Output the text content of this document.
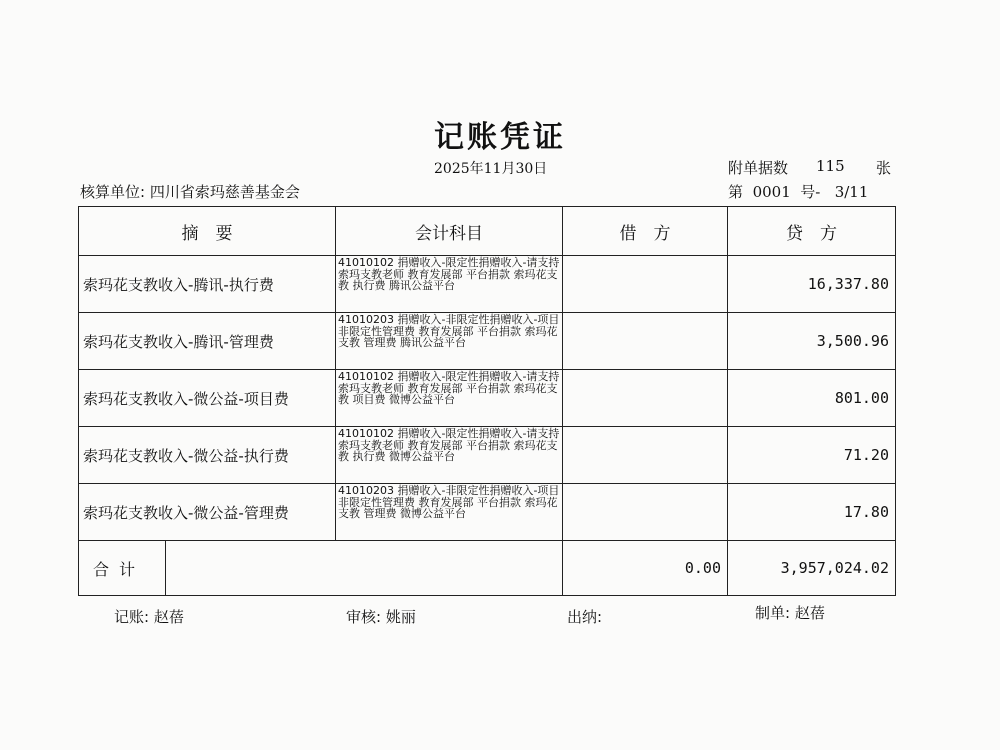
记账凭证
2025年11月30日	附单据数 115 张
核算单位: 四川省索玛慈善基金会	第 0001 号- 3/11
摘　要		会计科目	借　方	贷　方
索玛花支教收入-腾讯-执行费		41010102 捐赠收入-限定性捐赠收入-请支持索玛支教老师 教育发展部 平台捐款 索玛花支教 执行费 腾讯公益平台		16,337.80
索玛花支教收入-腾讯-管理费		41010203 捐赠收入-非限定性捐赠收入-项目非限定性管理费 教育发展部 平台捐款 索玛花支教 管理费 腾讯公益平台		3,500.96
索玛花支教收入-微公益-项目费		41010102 捐赠收入-限定性捐赠收入-请支持索玛支教老师 教育发展部 平台捐款 索玛花支教 项目费 微博公益平台		801.00
索玛花支教收入-微公益-执行费		41010102 捐赠收入-限定性捐赠收入-请支持索玛支教老师 教育发展部 平台捐款 索玛花支教 执行费 微博公益平台		71.20
索玛花支教收入-微公益-管理费		41010203 捐赠收入-非限定性捐赠收入-项目非限定性管理费 教育发展部 平台捐款 索玛花支教 管理费 微博公益平台		17.80
合计			0.00	3,957,024.02
记账: 赵蓓	审核: 姚丽	出纳:	制单: 赵蓓
